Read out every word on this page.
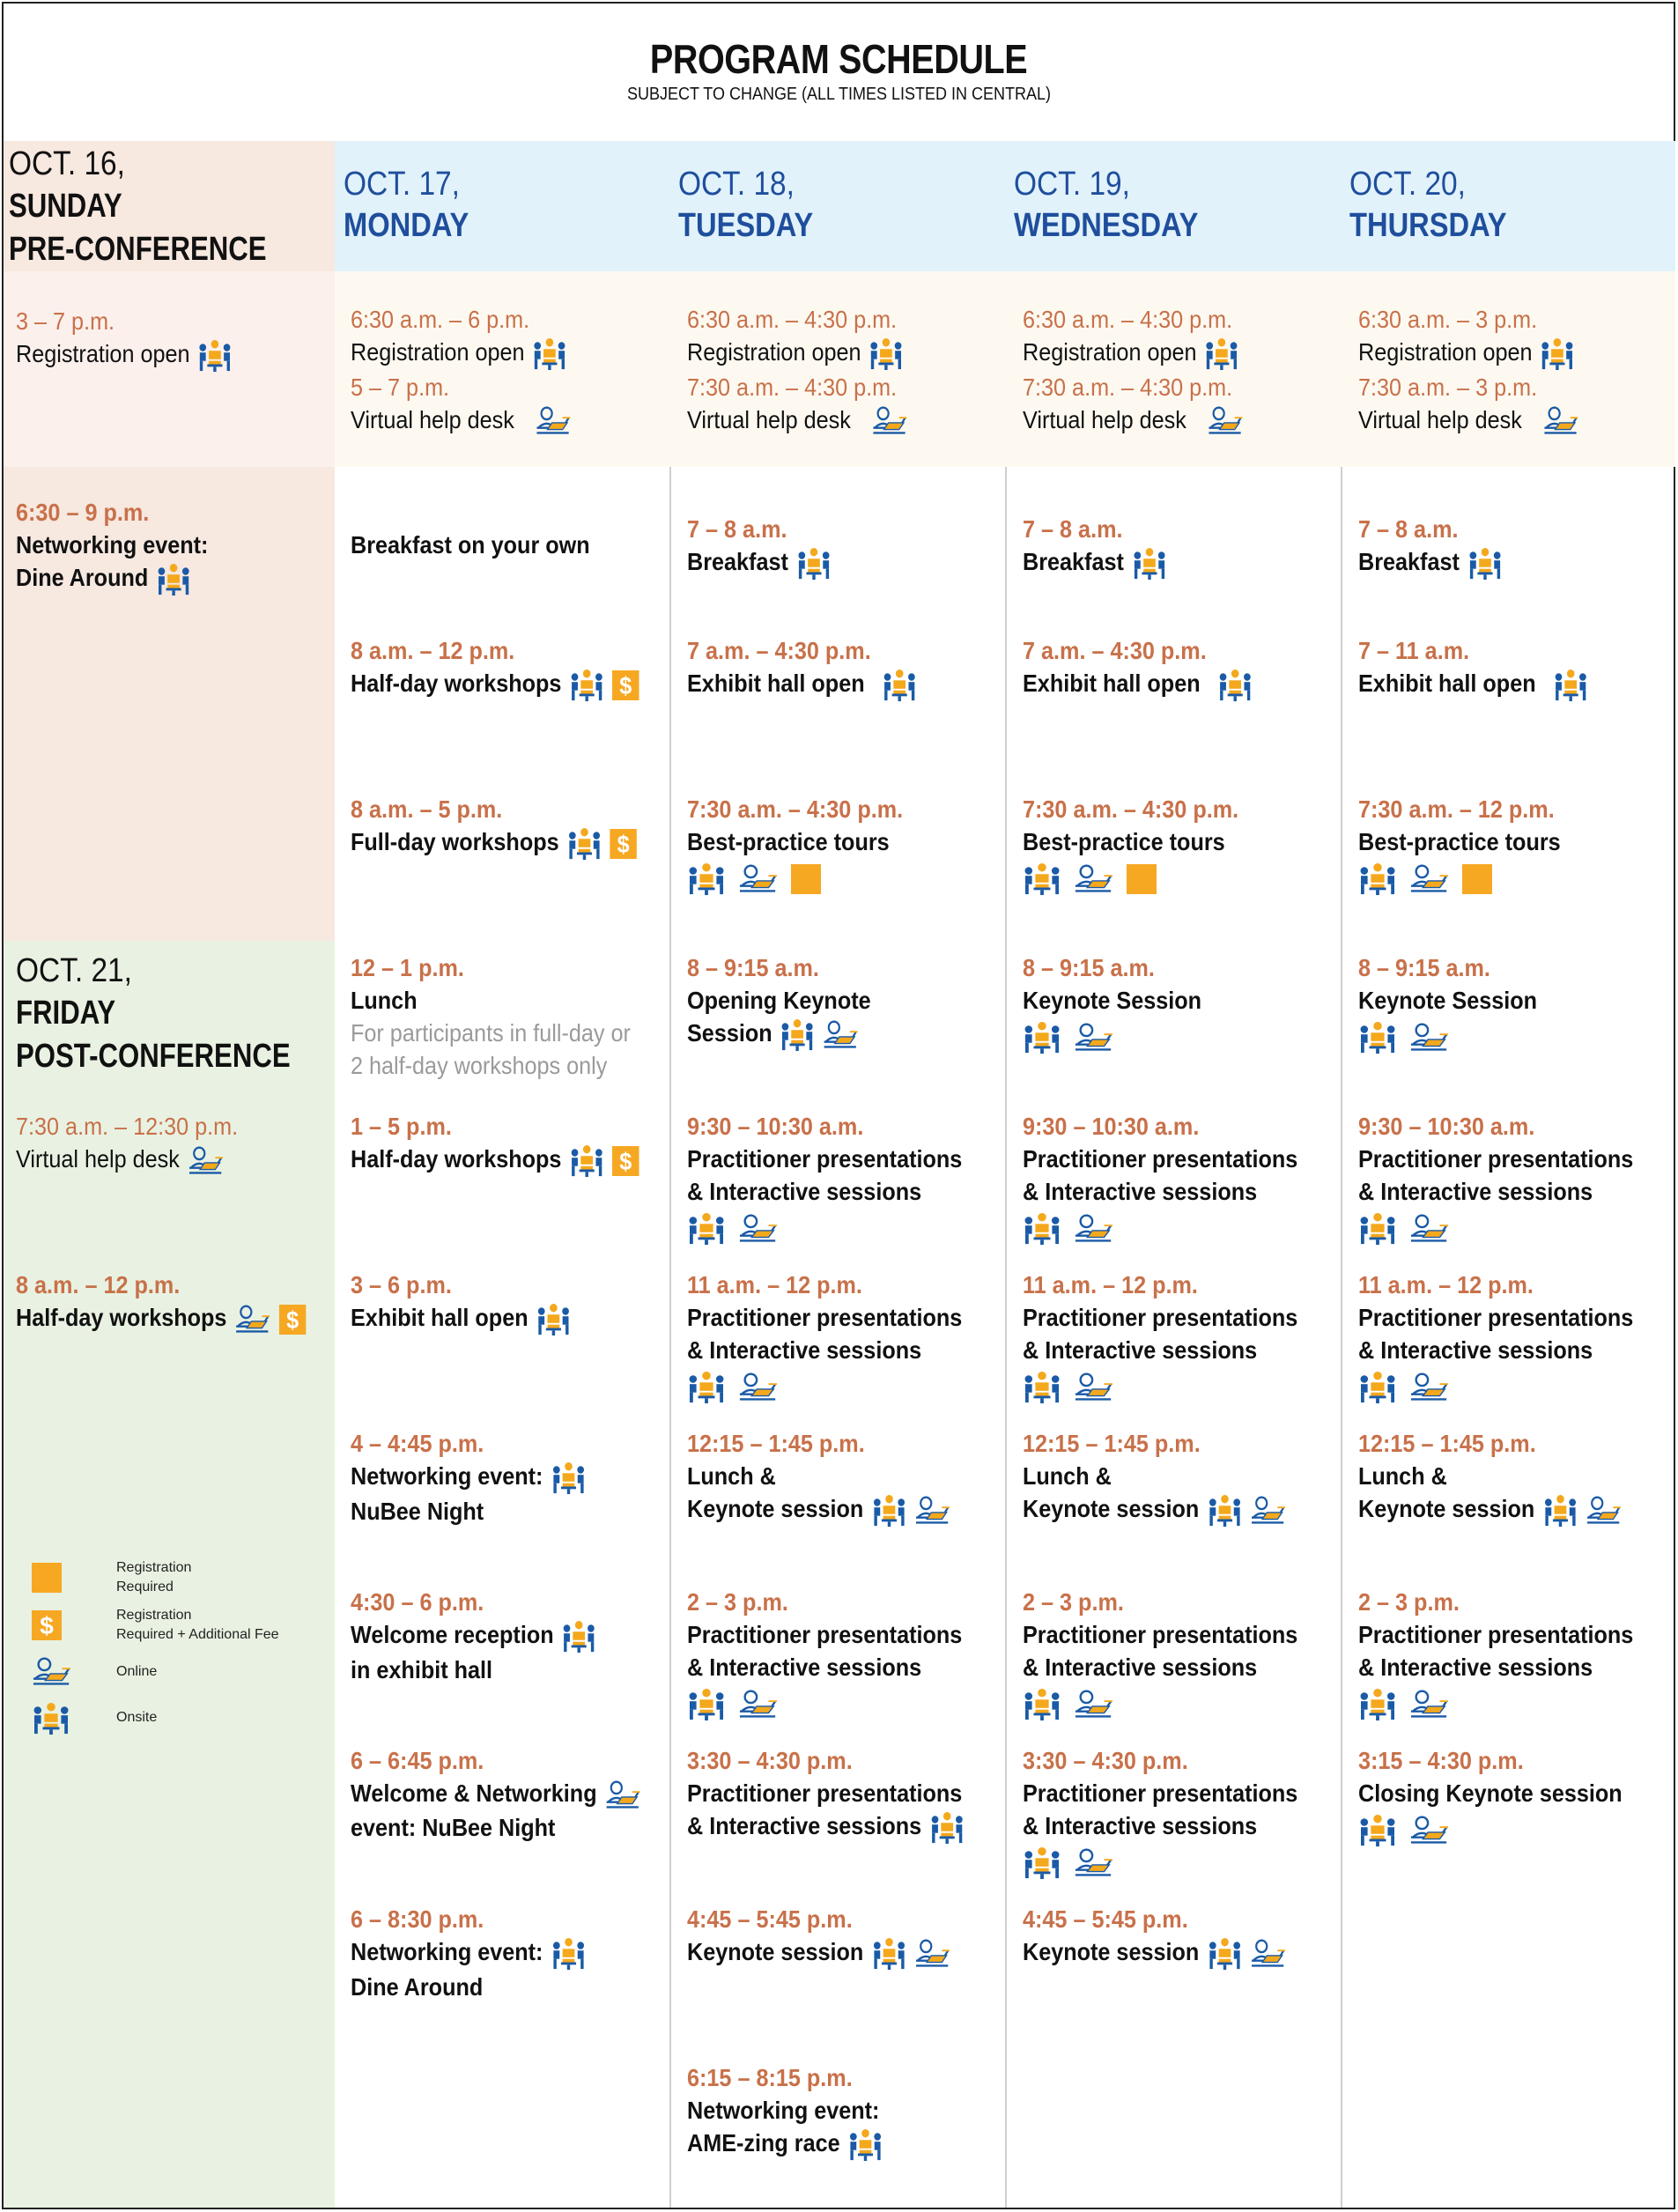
PROGRAM SCHEDULE
SUBJECT TO CHANGE (ALL TIMES LISTED IN CENTRAL)
OCT. 16,
SUNDAY
PRE-CONFERENCE
OCT. 17,
MONDAY
OCT. 18,
TUESDAY
OCT. 19,
WEDNESDAY
OCT. 20,
THURSDAY
3 – 7 p.m.
Registration open
6:30 a.m. – 6 p.m.
Registration open
5 – 7 p.m.
Virtual help desk
6:30 a.m. – 4:30 p.m.
Registration open
7:30 a.m. – 4:30 p.m.
Virtual help desk
6:30 a.m. – 4:30 p.m.
Registration open
7:30 a.m. – 4:30 p.m.
Virtual help desk
6:30 a.m. – 3 p.m.
Registration open
7:30 a.m. – 3 p.m.
Virtual help desk
6:30 – 9 p.m.
Networking event:
Dine Around
OCT. 21,
FRIDAY
POST-CONFERENCE
7:30 a.m. – 12:30 p.m.
Virtual help desk
8 a.m. – 12 p.m.
Half-day workshops $
Breakfast on your own
8 a.m. – 12 p.m.
Half-day workshops $
8 a.m. – 5 p.m.
Full-day workshops $
12 – 1 p.m.
Lunch
For participants in full-day or
2 half-day workshops only
1 – 5 p.m.
Half-day workshops $
3 – 6 p.m.
Exhibit hall open
4 – 4:45 p.m.
Networking event:
NuBee Night
4:30 – 6 p.m.
Welcome reception
in exhibit hall
6 – 6:45 p.m.
Welcome & Networking
event: NuBee Night
6 – 8:30 p.m.
Networking event:
Dine Around
7 – 8 a.m.
Breakfast
7 a.m. – 4:30 p.m.
Exhibit hall open
7:30 a.m. – 4:30 p.m.
Best-practice tours
8 – 9:15 a.m.
Opening Keynote
Session
9:30 – 10:30 a.m.
Practitioner presentations
& Interactive sessions
11 a.m. – 12 p.m.
Practitioner presentations
& Interactive sessions
12:15 – 1:45 p.m.
Lunch &
Keynote session
2 – 3 p.m.
Practitioner presentations
& Interactive sessions
3:30 – 4:30 p.m.
Practitioner presentations
& Interactive sessions
4:45 – 5:45 p.m.
Keynote session
6:15 – 8:15 p.m.
Networking event:
AME-zing race
7 – 8 a.m.
Breakfast
7 a.m. – 4:30 p.m.
Exhibit hall open
7:30 a.m. – 4:30 p.m.
Best-practice tours
8 – 9:15 a.m.
Keynote Session
9:30 – 10:30 a.m.
Practitioner presentations
& Interactive sessions
11 a.m. – 12 p.m.
Practitioner presentations
& Interactive sessions
12:15 – 1:45 p.m.
Lunch &
Keynote session
2 – 3 p.m.
Practitioner presentations
& Interactive sessions
3:30 – 4:30 p.m.
Practitioner presentations
& Interactive sessions
4:45 – 5:45 p.m.
Keynote session
7 – 8 a.m.
Breakfast
7 – 11 a.m.
Exhibit hall open
7:30 a.m. – 12 p.m.
Best-practice tours
8 – 9:15 a.m.
Keynote Session
9:30 – 10:30 a.m.
Practitioner presentations
& Interactive sessions
11 a.m. – 12 p.m.
Practitioner presentations
& Interactive sessions
12:15 – 1:45 p.m.
Lunch &
Keynote session
2 – 3 p.m.
Practitioner presentations
& Interactive sessions
3:15 – 4:30 p.m.
Closing Keynote session
Registration
Required
$	Registration
Required + Additional Fee
Online
Onsite
